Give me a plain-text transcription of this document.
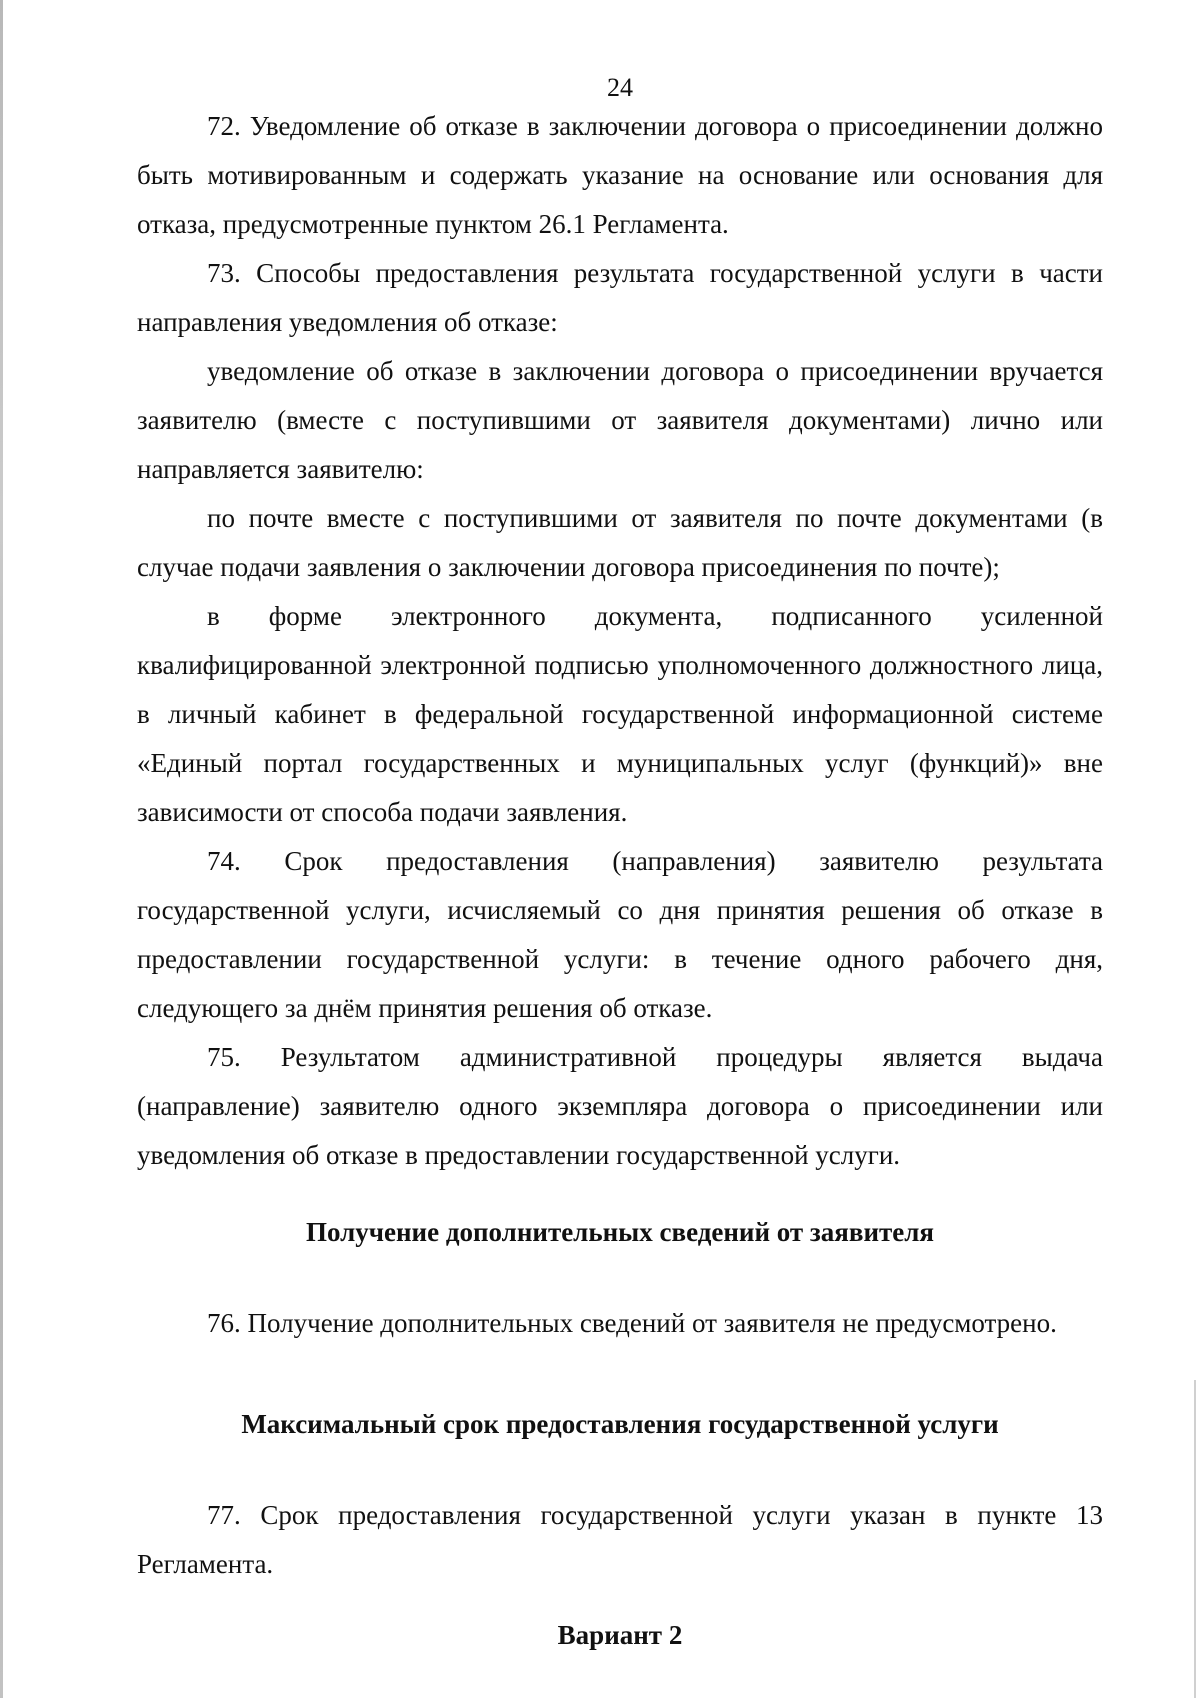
24

72. Уведомление об отказе в заключении договора о присоединении должно быть мотивированным и содержать указание на основание или основания для отказа, предусмотренные пунктом 26.1 Регламента.

73. Способы предоставления результата государственной услуги в части направления уведомления об отказе:

уведомление об отказе в заключении договора о присоединении вручается заявителю (вместе с поступившими от заявителя документами) лично или направляется заявителю:

по почте вместе с поступившими от заявителя по почте документами (в случае подачи заявления о заключении договора присоединения по почте);

в форме электронного документа, подписанного усиленной квалифицированной электронной подписью уполномоченного должностного лица, в личный кабинет в федеральной государственной информационной системе «Единый портал государственных и муниципальных услуг (функций)» вне зависимости от способа подачи заявления.

74. Срок предоставления (направления) заявителю результата государственной услуги, исчисляемый со дня принятия решения об отказе в предоставлении государственной услуги: в течение одного рабочего дня, следующего за днём принятия решения об отказе.

75. Результатом административной процедуры является выдача (направление) заявителю одного экземпляра договора о присоединении или уведомления об отказе в предоставлении государственной услуги.

Получение дополнительных сведений от заявителя

76. Получение дополнительных сведений от заявителя не предусмотрено.

Максимальный срок предоставления государственной услуги

77. Срок предоставления государственной услуги указан в пункте 13 Регламента.

Вариант 2
